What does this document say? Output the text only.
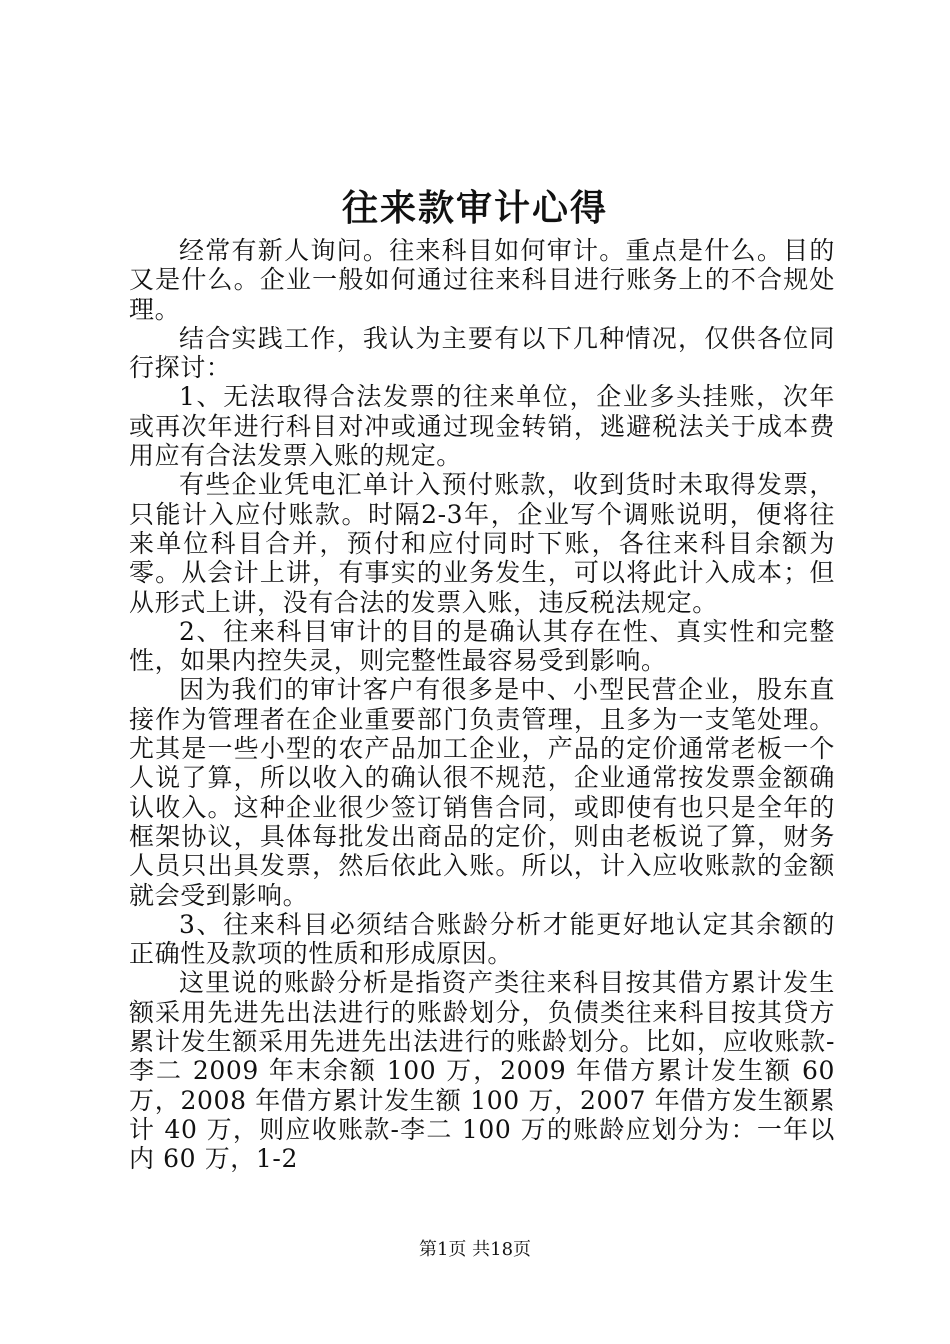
往来款审计心得

经常有新人询问。往来科目如何审计。重点是什么。目的又是什么。企业一般如何通过往来科目进行账务上的不合规处理。

结合实践工作，我认为主要有以下几种情况，仅供各位同行探讨：

1、无法取得合法发票的往来单位，企业多头挂账，次年或再次年进行科目对冲或通过现金转销，逃避税法关于成本费用应有合法发票入账的规定。

有些企业凭电汇单计入预付账款，收到货时未取得发票，只能计入应付账款。时隔2-3年，企业写个调账说明，便将往来单位科目合并，预付和应付同时下账，各往来科目余额为零。从会计上讲，有事实的业务发生，可以将此计入成本；但从形式上讲，没有合法的发票入账，违反税法规定。

2、往来科目审计的目的是确认其存在性、真实性和完整性，如果内控失灵，则完整性最容易受到影响。

因为我们的审计客户有很多是中、小型民营企业，股东直接作为管理者在企业重要部门负责管理，且多为一支笔处理。尤其是一些小型的农产品加工企业，产品的定价通常老板一个人说了算，所以收入的确认很不规范，企业通常按发票金额确认收入。这种企业很少签订销售合同，或即使有也只是全年的框架协议，具体每批发出商品的定价，则由老板说了算，财务人员只出具发票，然后依此入账。所以，计入应收账款的金额就会受到影响。

3、往来科目必须结合账龄分析才能更好地认定其余额的正确性及款项的性质和形成原因。

这里说的账龄分析是指资产类往来科目按其借方累计发生额采用先进先出法进行的账龄划分，负债类往来科目按其贷方累计发生额采用先进先出法进行的账龄划分。比如，应收账款-李二 2009 年末余额 100 万，2009 年借方累计发生额 60 万，2008 年借方累计发生额 100 万，2007 年借方发生额累计 40 万，则应收账款-李二 100 万的账龄应划分为：一年以内 60 万，1-2

第1页 共18页
